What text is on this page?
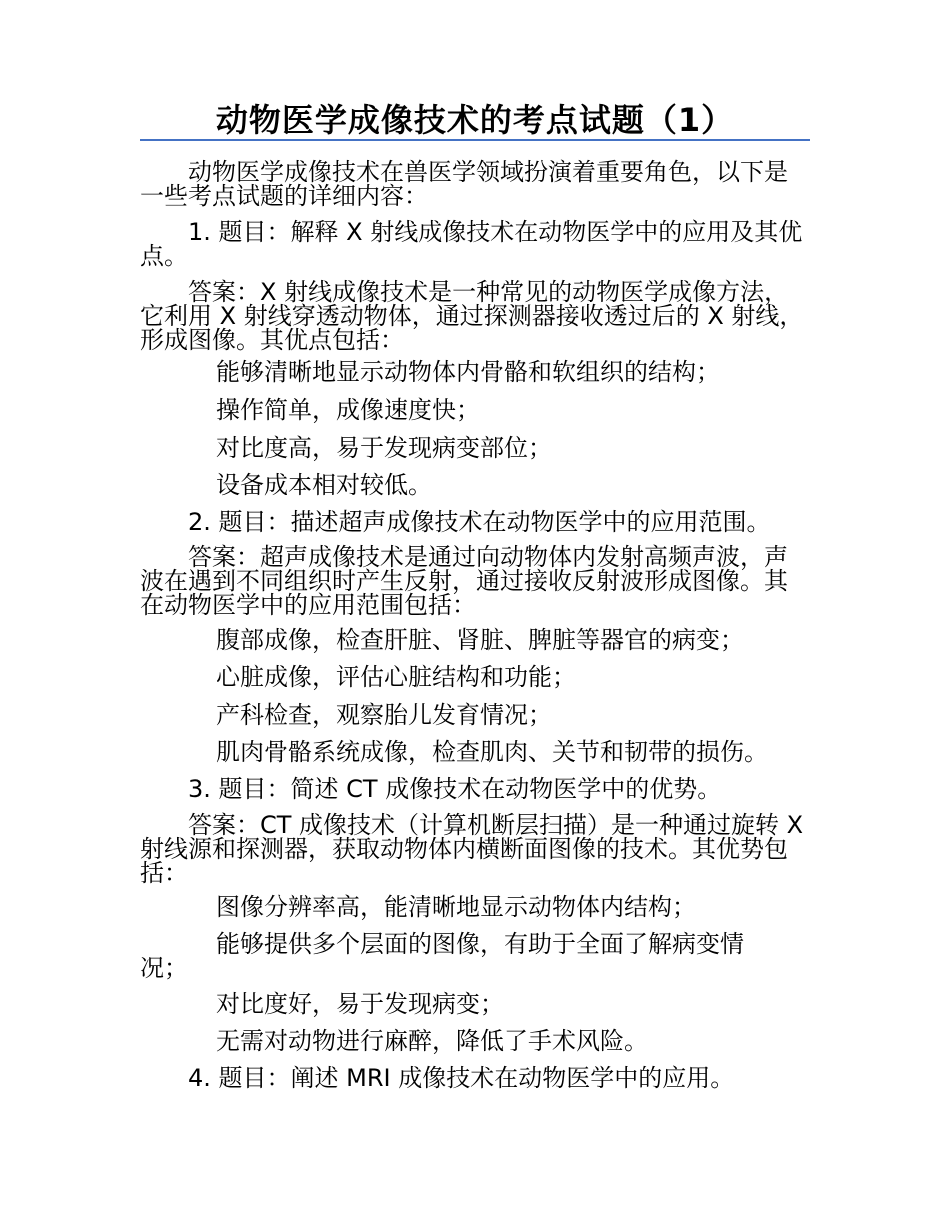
动物医学成像技术的考点试题（1）

动物医学成像技术在兽医学领域扮演着重要角色，以下是一些考点试题的详细内容：

1. 题目：解释 X 射线成像技术在动物医学中的应用及其优点。

答案：X 射线成像技术是一种常见的动物医学成像方法，它利用 X 射线穿透动物体，通过探测器接收透过后的 X 射线，形成图像。其优点包括：

能够清晰地显示动物体内骨骼和软组织的结构；

操作简单，成像速度快；

对比度高，易于发现病变部位；

设备成本相对较低。

2. 题目：描述超声成像技术在动物医学中的应用范围。

答案：超声成像技术是通过向动物体内发射高频声波，声波在遇到不同组织时产生反射，通过接收反射波形成图像。其在动物医学中的应用范围包括：

腹部成像，检查肝脏、肾脏、脾脏等器官的病变；

心脏成像，评估心脏结构和功能；

产科检查，观察胎儿发育情况；

肌肉骨骼系统成像，检查肌肉、关节和韧带的损伤。

3. 题目：简述 CT 成像技术在动物医学中的优势。

答案：CT 成像技术（计算机断层扫描）是一种通过旋转 X 射线源和探测器，获取动物体内横断面图像的技术。其优势包括：

图像分辨率高，能清晰地显示动物体内结构；

能够提供多个层面的图像，有助于全面了解病变情况；

对比度好，易于发现病变；

无需对动物进行麻醉，降低了手术风险。

4. 题目：阐述 MRI 成像技术在动物医学中的应用。
